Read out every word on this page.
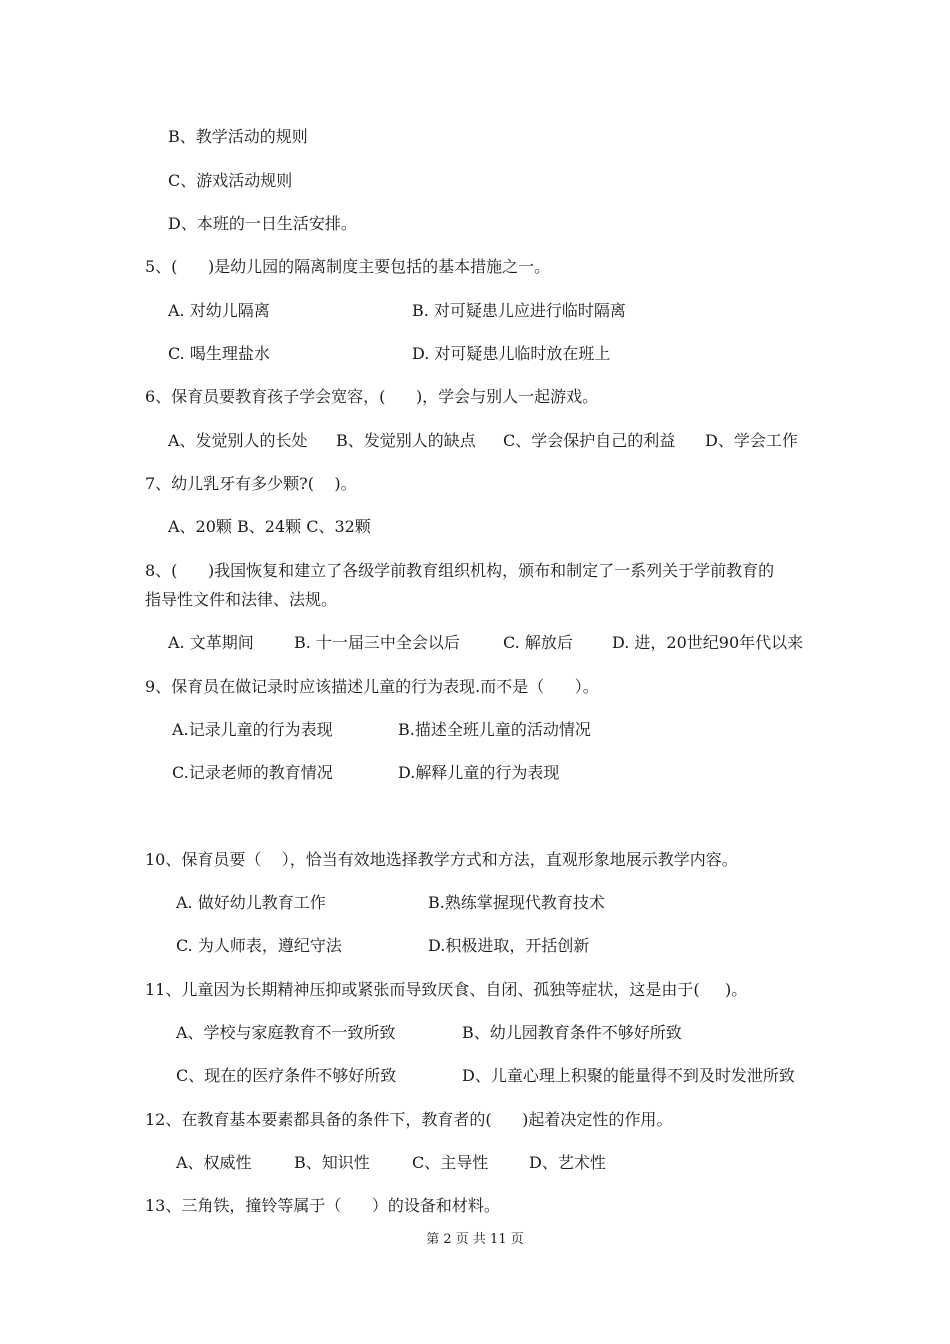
B、教学活动的规则
C、游戏活动规则
D、本班的一日生活安排。
5、(      )是幼儿园的隔离制度主要包括的基本措施之一。
A. 对幼儿隔离	B. 对可疑患儿应进行临时隔离
C. 喝生理盐水	D. 对可疑患儿临时放在班上
6、保育员要教育孩子学会宽容，(      )，学会与别人一起游戏。
A、发觉别人的长处 B、发觉别人的缺点 C、学会保护自己的利益 D、学会工作
7、幼儿乳牙有多少颗?(    )。
A、20颗 B、24颗 C、32颗
8、(      )我国恢复和建立了各级学前教育组织机构，颁布和制定了一系列关于学前教育的
指导性文件和法律、法规。
A. 文革期间	B. 十一届三中全会以后	C. 解放后 D. 进，20世纪90年代以来
9、保育员在做记录时应该描述儿童的行为表现.而不是（      ）。
A.记录儿童的行为表现	B.描述全班儿童的活动情况
C.记录老师的教育情况	D.解释儿童的行为表现
10、保育员要（    ），恰当有效地选择教学方式和方法，直观形象地展示教学内容。
A. 做好幼儿教育工作	B.熟练掌握现代教育技术
C. 为人师表，遵纪守法	D.积极进取，开括创新
11、儿童因为长期精神压抑或紧张而导致厌食、自闭、孤独等症状，这是由于(     )。
A、学校与家庭教育不一致所致	B、幼儿园教育条件不够好所致
C、现在的医疗条件不够好所致	D、儿童心理上积聚的能量得不到及时发泄所致
12、在教育基本要素都具备的条件下，教育者的(      )起着决定性的作用。
A、权威性	B、知识性	C、主导性	D、艺术性
13、三角铁，撞铃等属于（      ）的设备和材料。
第 2 页 共 11 页
